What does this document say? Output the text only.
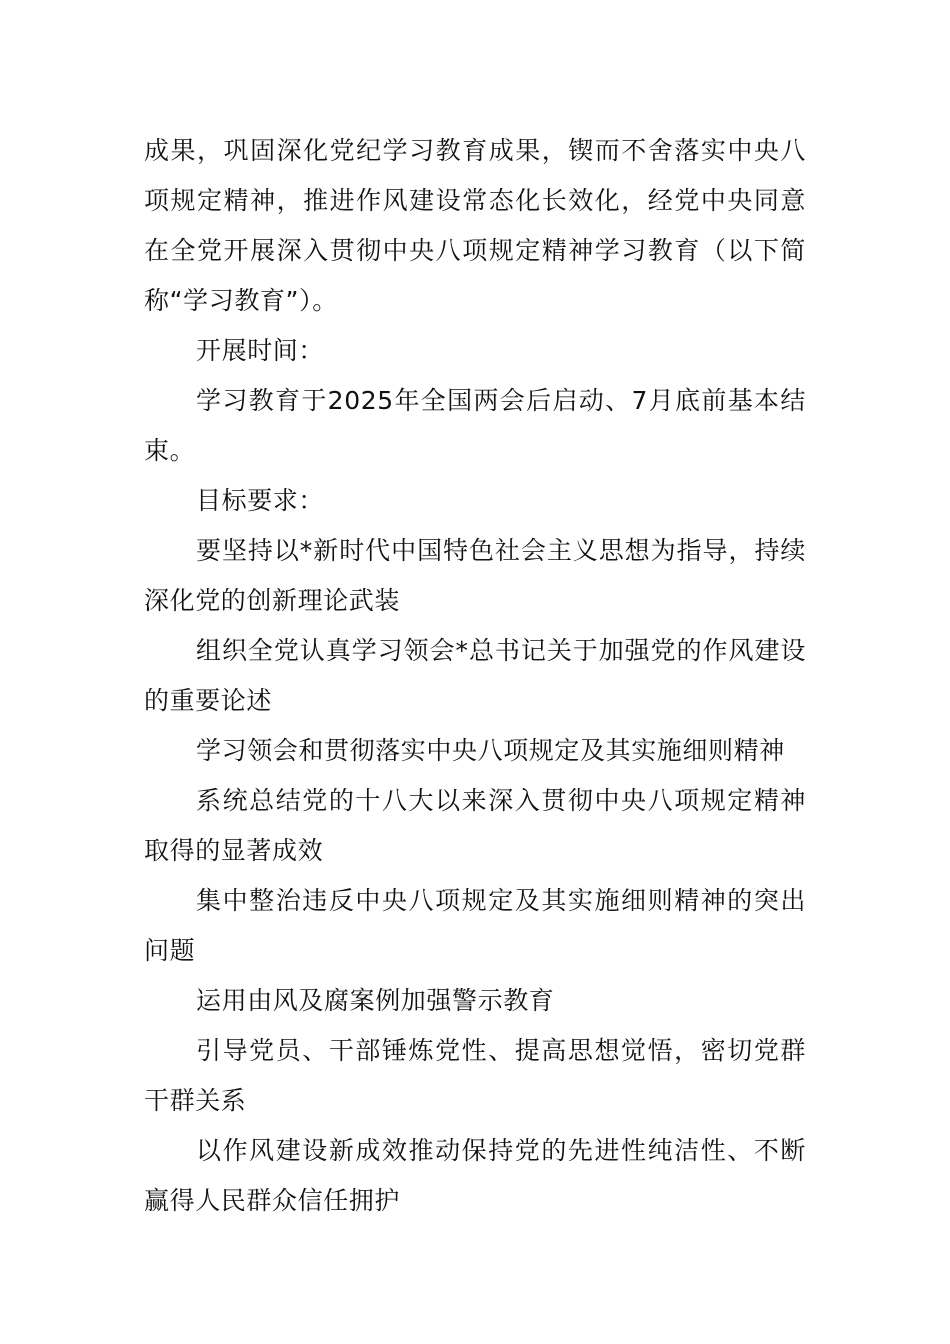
成果，巩固深化党纪学习教育成果，锲而不舍落实中央八项规定精神，推进作风建设常态化长效化，经党中央同意在全党开展深入贯彻中央八项规定精神学习教育（以下简称“学习教育”）。

开展时间：

学习教育于2025年全国两会后启动、7月底前基本结束。

目标要求：

要坚持以*新时代中国特色社会主义思想为指导，持续深化党的创新理论武装

组织全党认真学习领会*总书记关于加强党的作风建设的重要论述

学习领会和贯彻落实中央八项规定及其实施细则精神

系统总结党的十八大以来深入贯彻中央八项规定精神取得的显著成效

集中整治违反中央八项规定及其实施细则精神的突出问题

运用由风及腐案例加强警示教育

引导党员、干部锤炼党性、提高思想觉悟，密切党群干群关系

以作风建设新成效推动保持党的先进性纯洁性、不断赢得人民群众信任拥护
